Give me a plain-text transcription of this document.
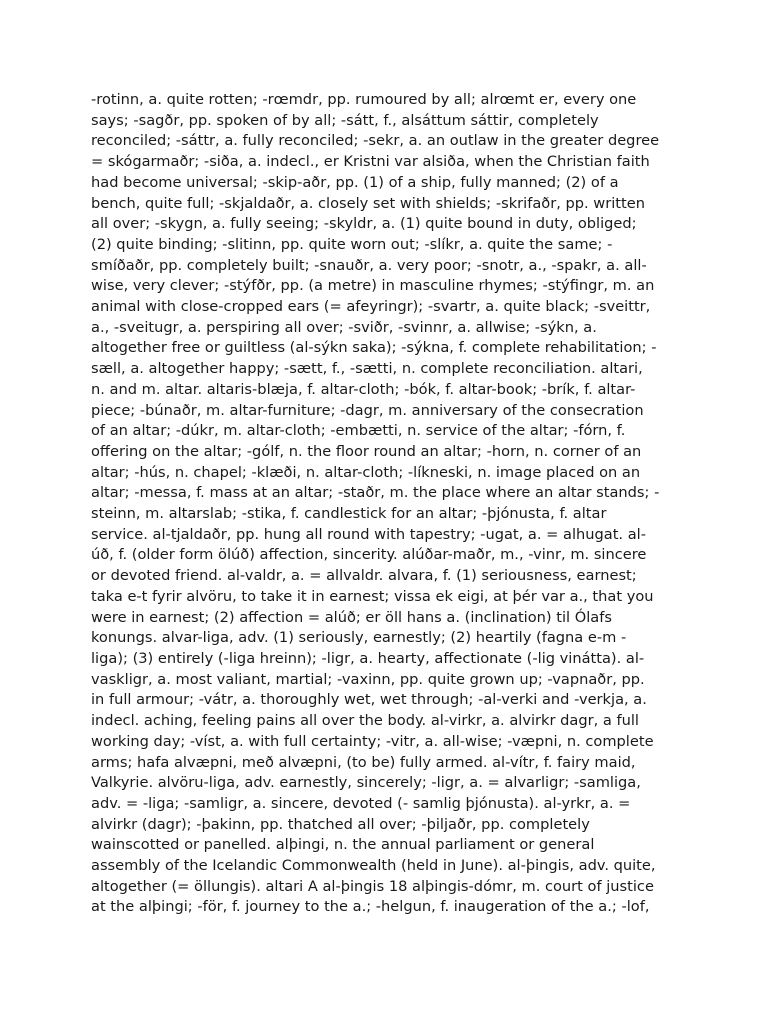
-rotinn, a. quite rotten; -rœmdr, pp. rumoured by all; alrœmt er, every one
says; -sagðr, pp. spoken of by all; -sátt, f., alsáttum sáttir, completely
reconciled; -sáttr, a. fully reconciled; -sekr, a. an outlaw in the greater degree
= skógarmaðr; -siða, a. indecl., er Kristni var alsiða, when the Christian faith
had become universal; -skip-aðr, pp. (1) of a ship, fully manned; (2) of a
bench, quite full; -skjaldaðr, a. closely set with shields; -skrifaðr, pp. written
all over; -skygn, a. fully seeing; -skyldr, a. (1) quite bound in duty, obliged;
(2) quite binding; -slitinn, pp. quite worn out; -slíkr, a. quite the same; -
smíðaðr, pp. completely built; -snauðr, a. very poor; -snotr, a., -spakr, a. all-
wise, very clever; -stýfðr, pp. (a metre) in masculine rhymes; -stýfingr, m. an
animal with close-cropped ears (= afeyringr); -svartr, a. quite black; -sveittr,
a., -sveitugr, a. perspiring all over; -sviðr, -svinnr, a. allwise; -sýkn, a.
altogether free or guiltless (al-sýkn saka); -sýkna, f. complete rehabilitation; -
sæll, a. altogether happy; -sætt, f., -sætti, n. complete reconciliation. altari,
n. and m. altar. altaris-blæja, f. altar-cloth; -bók, f. altar-book; -brík, f. altar-
piece; -búnaðr, m. altar-furniture; -dagr, m. anniversary of the consecration
of an altar; -dúkr, m. altar-cloth; -embætti, n. service of the altar; -fórn, f.
offering on the altar; -gólf, n. the floor round an altar; -horn, n. corner of an
altar; -hús, n. chapel; -klæði, n. altar-cloth; -líkneski, n. image placed on an
altar; -messa, f. mass at an altar; -staðr, m. the place where an altar stands; -
steinn, m. altarslab; -stika, f. candlestick for an altar; -þjónusta, f. altar
service. al-tjaldaðr, pp. hung all round with tapestry; -ugat, a. = alhugat. al-
úð, f. (older form ölúð) affection, sincerity. alúðar-maðr, m., -vinr, m. sincere
or devoted friend. al-valdr, a. = allvaldr. alvara, f. (1) seriousness, earnest;
taka e-t fyrir alvöru, to take it in earnest; vissa ek eigi, at þér var a., that you
were in earnest; (2) affection = alúð; er öll hans a. (inclination) til Ólafs
konungs. alvar-liga, adv. (1) seriously, earnestly; (2) heartily (fagna e-m -
liga); (3) entirely (-liga hreinn); -ligr, a. hearty, affectionate (-lig vinátta). al-
vaskligr, a. most valiant, martial; -vaxinn, pp. quite grown up; -vapnaðr, pp.
in full armour; -vátr, a. thoroughly wet, wet through; -al-verki and -verkja, a.
indecl. aching, feeling pains all over the body. al-virkr, a. alvirkr dagr, a full
working day; -víst, a. with full certainty; -vitr, a. all-wise; -væpni, n. complete
arms; hafa alvæpni, með alvæpni, (to be) fully armed. al-vítr, f. fairy maid,
Valkyrie. alvöru-liga, adv. earnestly, sincerely; -ligr, a. = alvarligr; -samliga,
adv. = -liga; -samligr, a. sincere, devoted (- samlig þjónusta). al-yrkr, a. =
alvirkr (dagr); -þakinn, pp. thatched all over; -þiljaðr, pp. completely
wainscotted or panelled. alþingi, n. the annual parliament or general
assembly of the Icelandic Commonwealth (held in June). al-þingis, adv. quite,
altogether (= öllungis). altari A al-þingis 18 alþingis-dómr, m. court of justice
at the alþingi; -för, f. journey to the a.; -helgun, f. inaugeration of the a.; -lof,
